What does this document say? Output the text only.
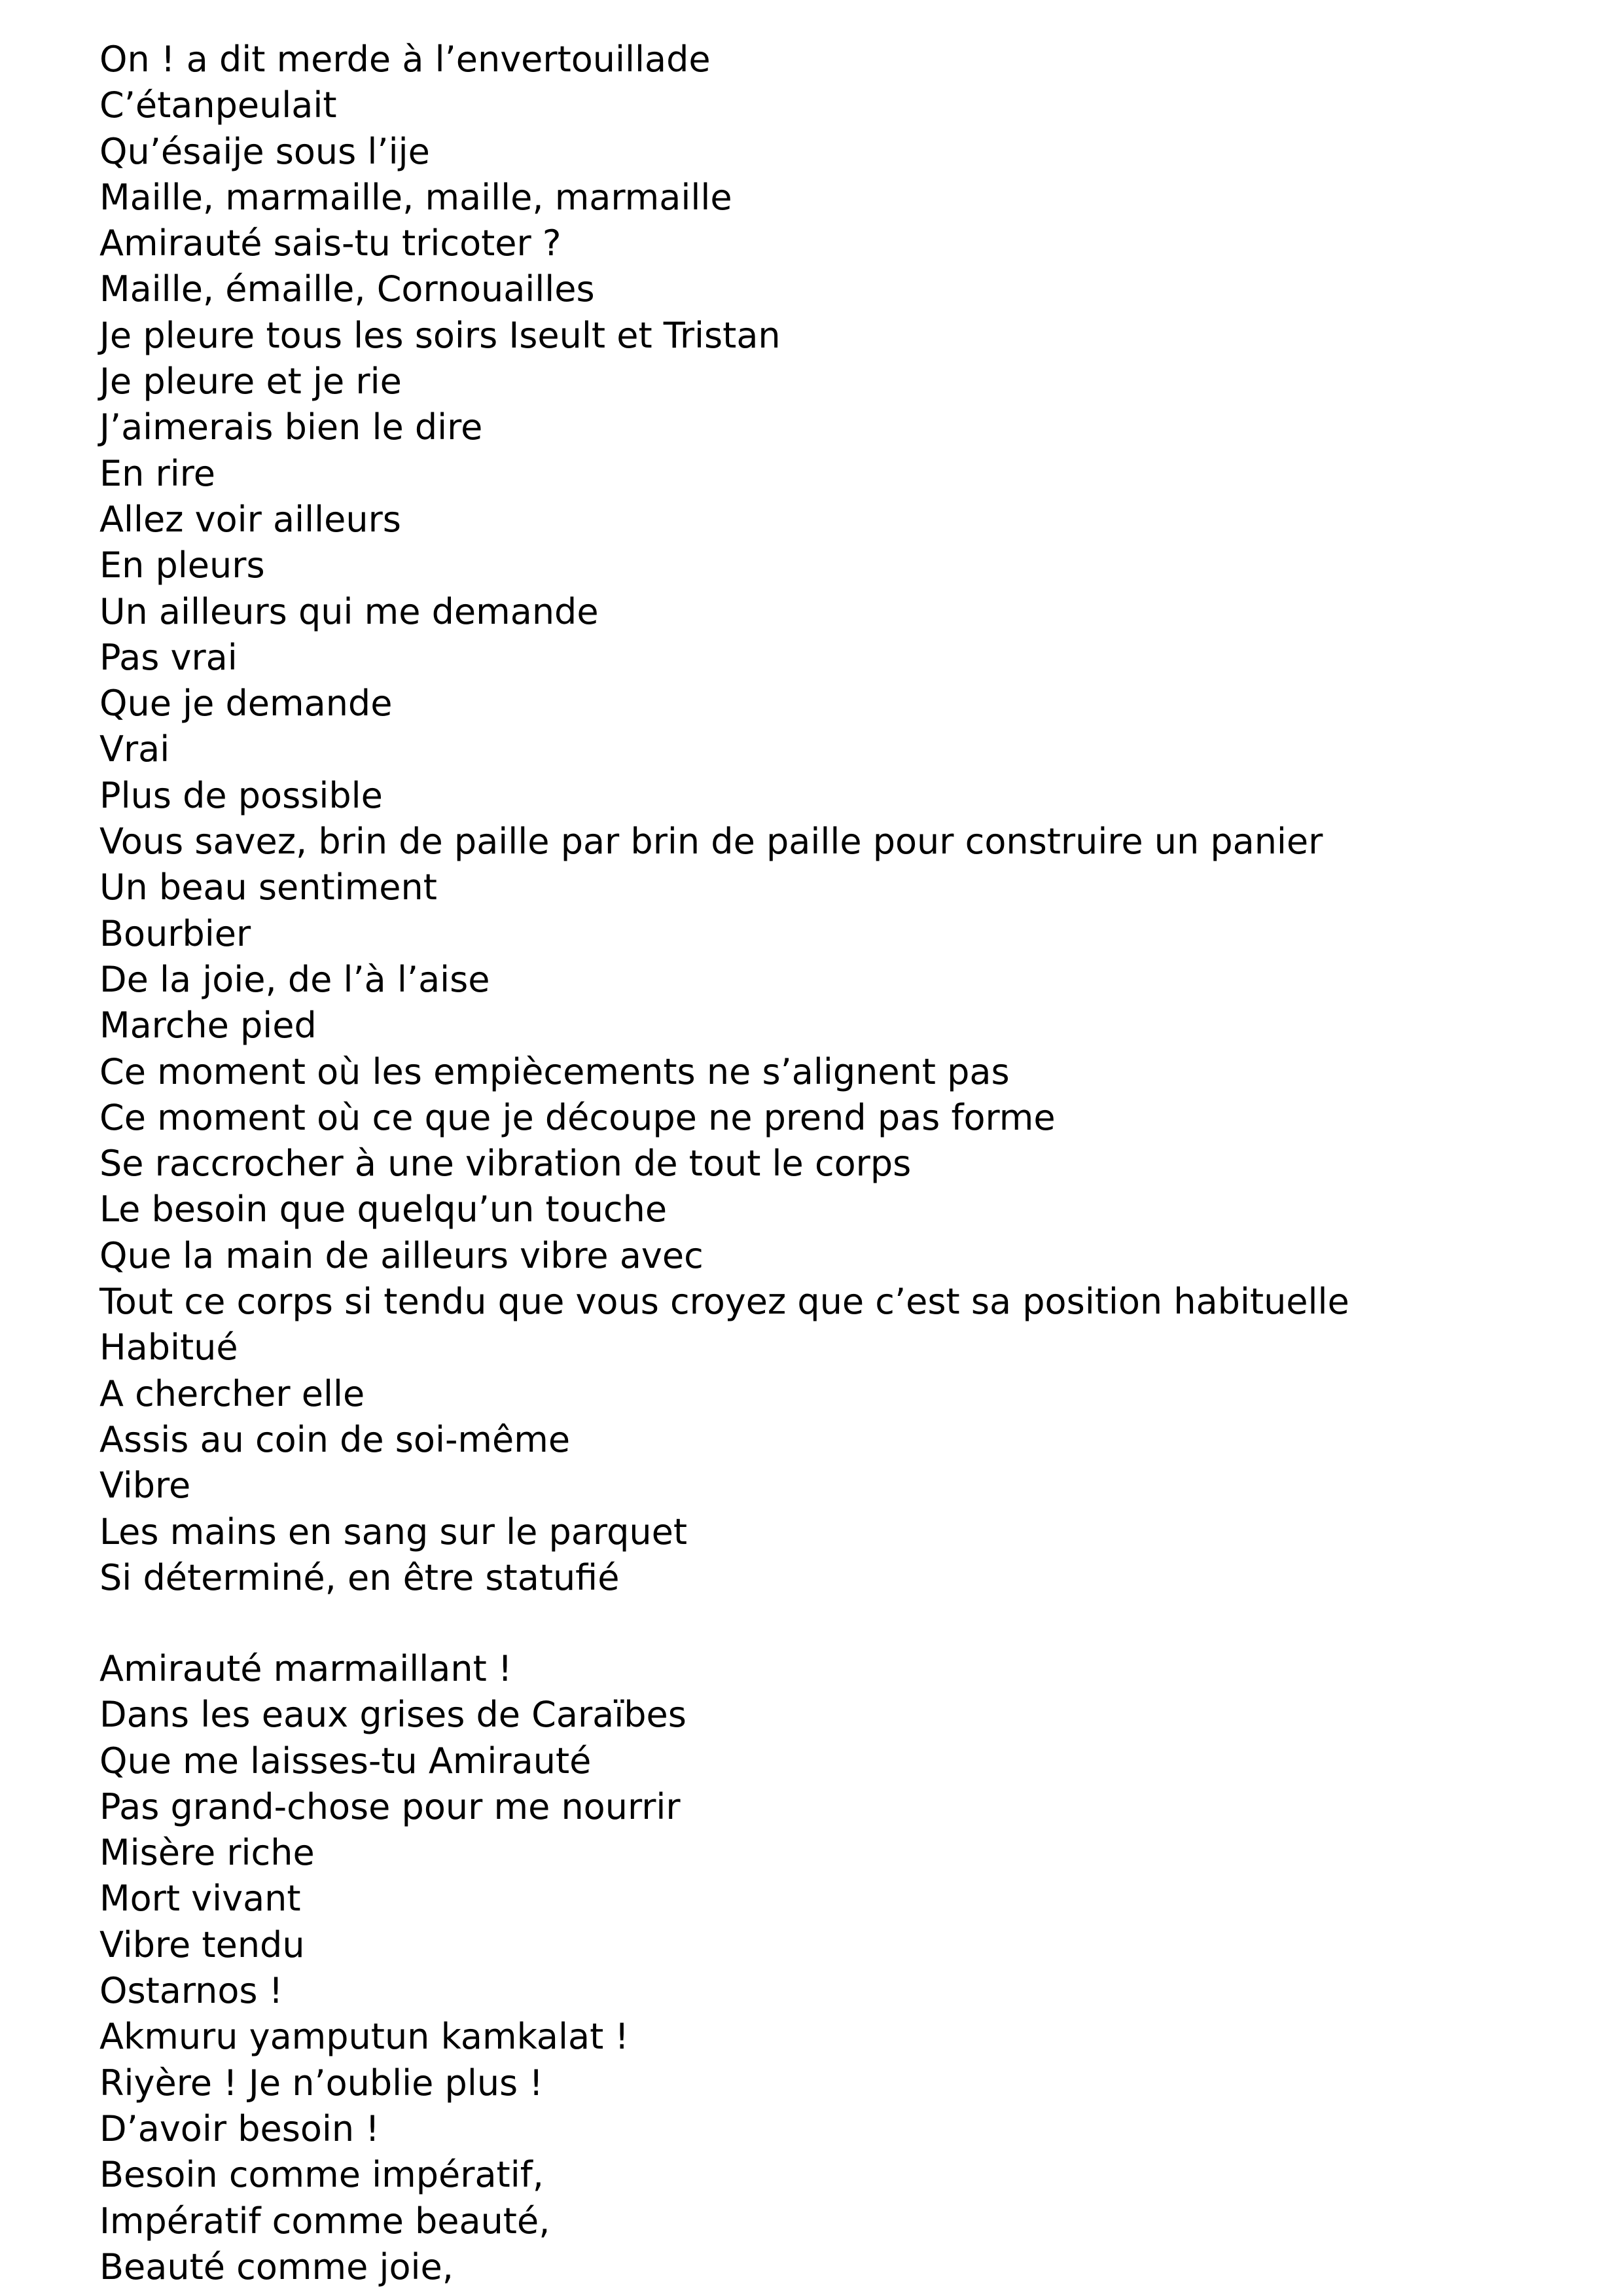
On ! a dit merde à l’envertouillade
C’étanpeulait
Qu’ésaije sous l’ije
Maille, marmaille, maille, marmaille
Amirauté sais-tu tricoter ?
Maille, émaille, Cornouailles
Je pleure tous les soirs Iseult et Tristan
Je pleure et je rie
J’aimerais bien le dire
En rire
Allez voir ailleurs
En pleurs
Un ailleurs qui me demande
Pas vrai
Que je demande
Vrai
Plus de possible
Vous savez, brin de paille par brin de paille pour construire un panier
Un beau sentiment
Bourbier
De la joie, de l’à l’aise
Marche pied
Ce moment où les empiècements ne s’alignent pas
Ce moment où ce que je découpe ne prend pas forme
Se raccrocher à une vibration de tout le corps
Le besoin que quelqu’un touche
Que la main de ailleurs vibre avec
Tout ce corps si tendu que vous croyez que c’est sa position habituelle
Habitué
A chercher elle
Assis au coin de soi-même
Vibre
Les mains en sang sur le parquet
Si déterminé, en être statufié
Amirauté marmaillant !
Dans les eaux grises de Caraïbes
Que me laisses-tu Amirauté
Pas grand-chose pour me nourrir
Misère riche
Mort vivant
Vibre tendu
Ostarnos !
Akmuru yamputun kamkalat !
Riyère ! Je n’oublie plus !
D’avoir besoin !
Besoin comme impératif,
Impératif comme beauté,
Beauté comme joie,
